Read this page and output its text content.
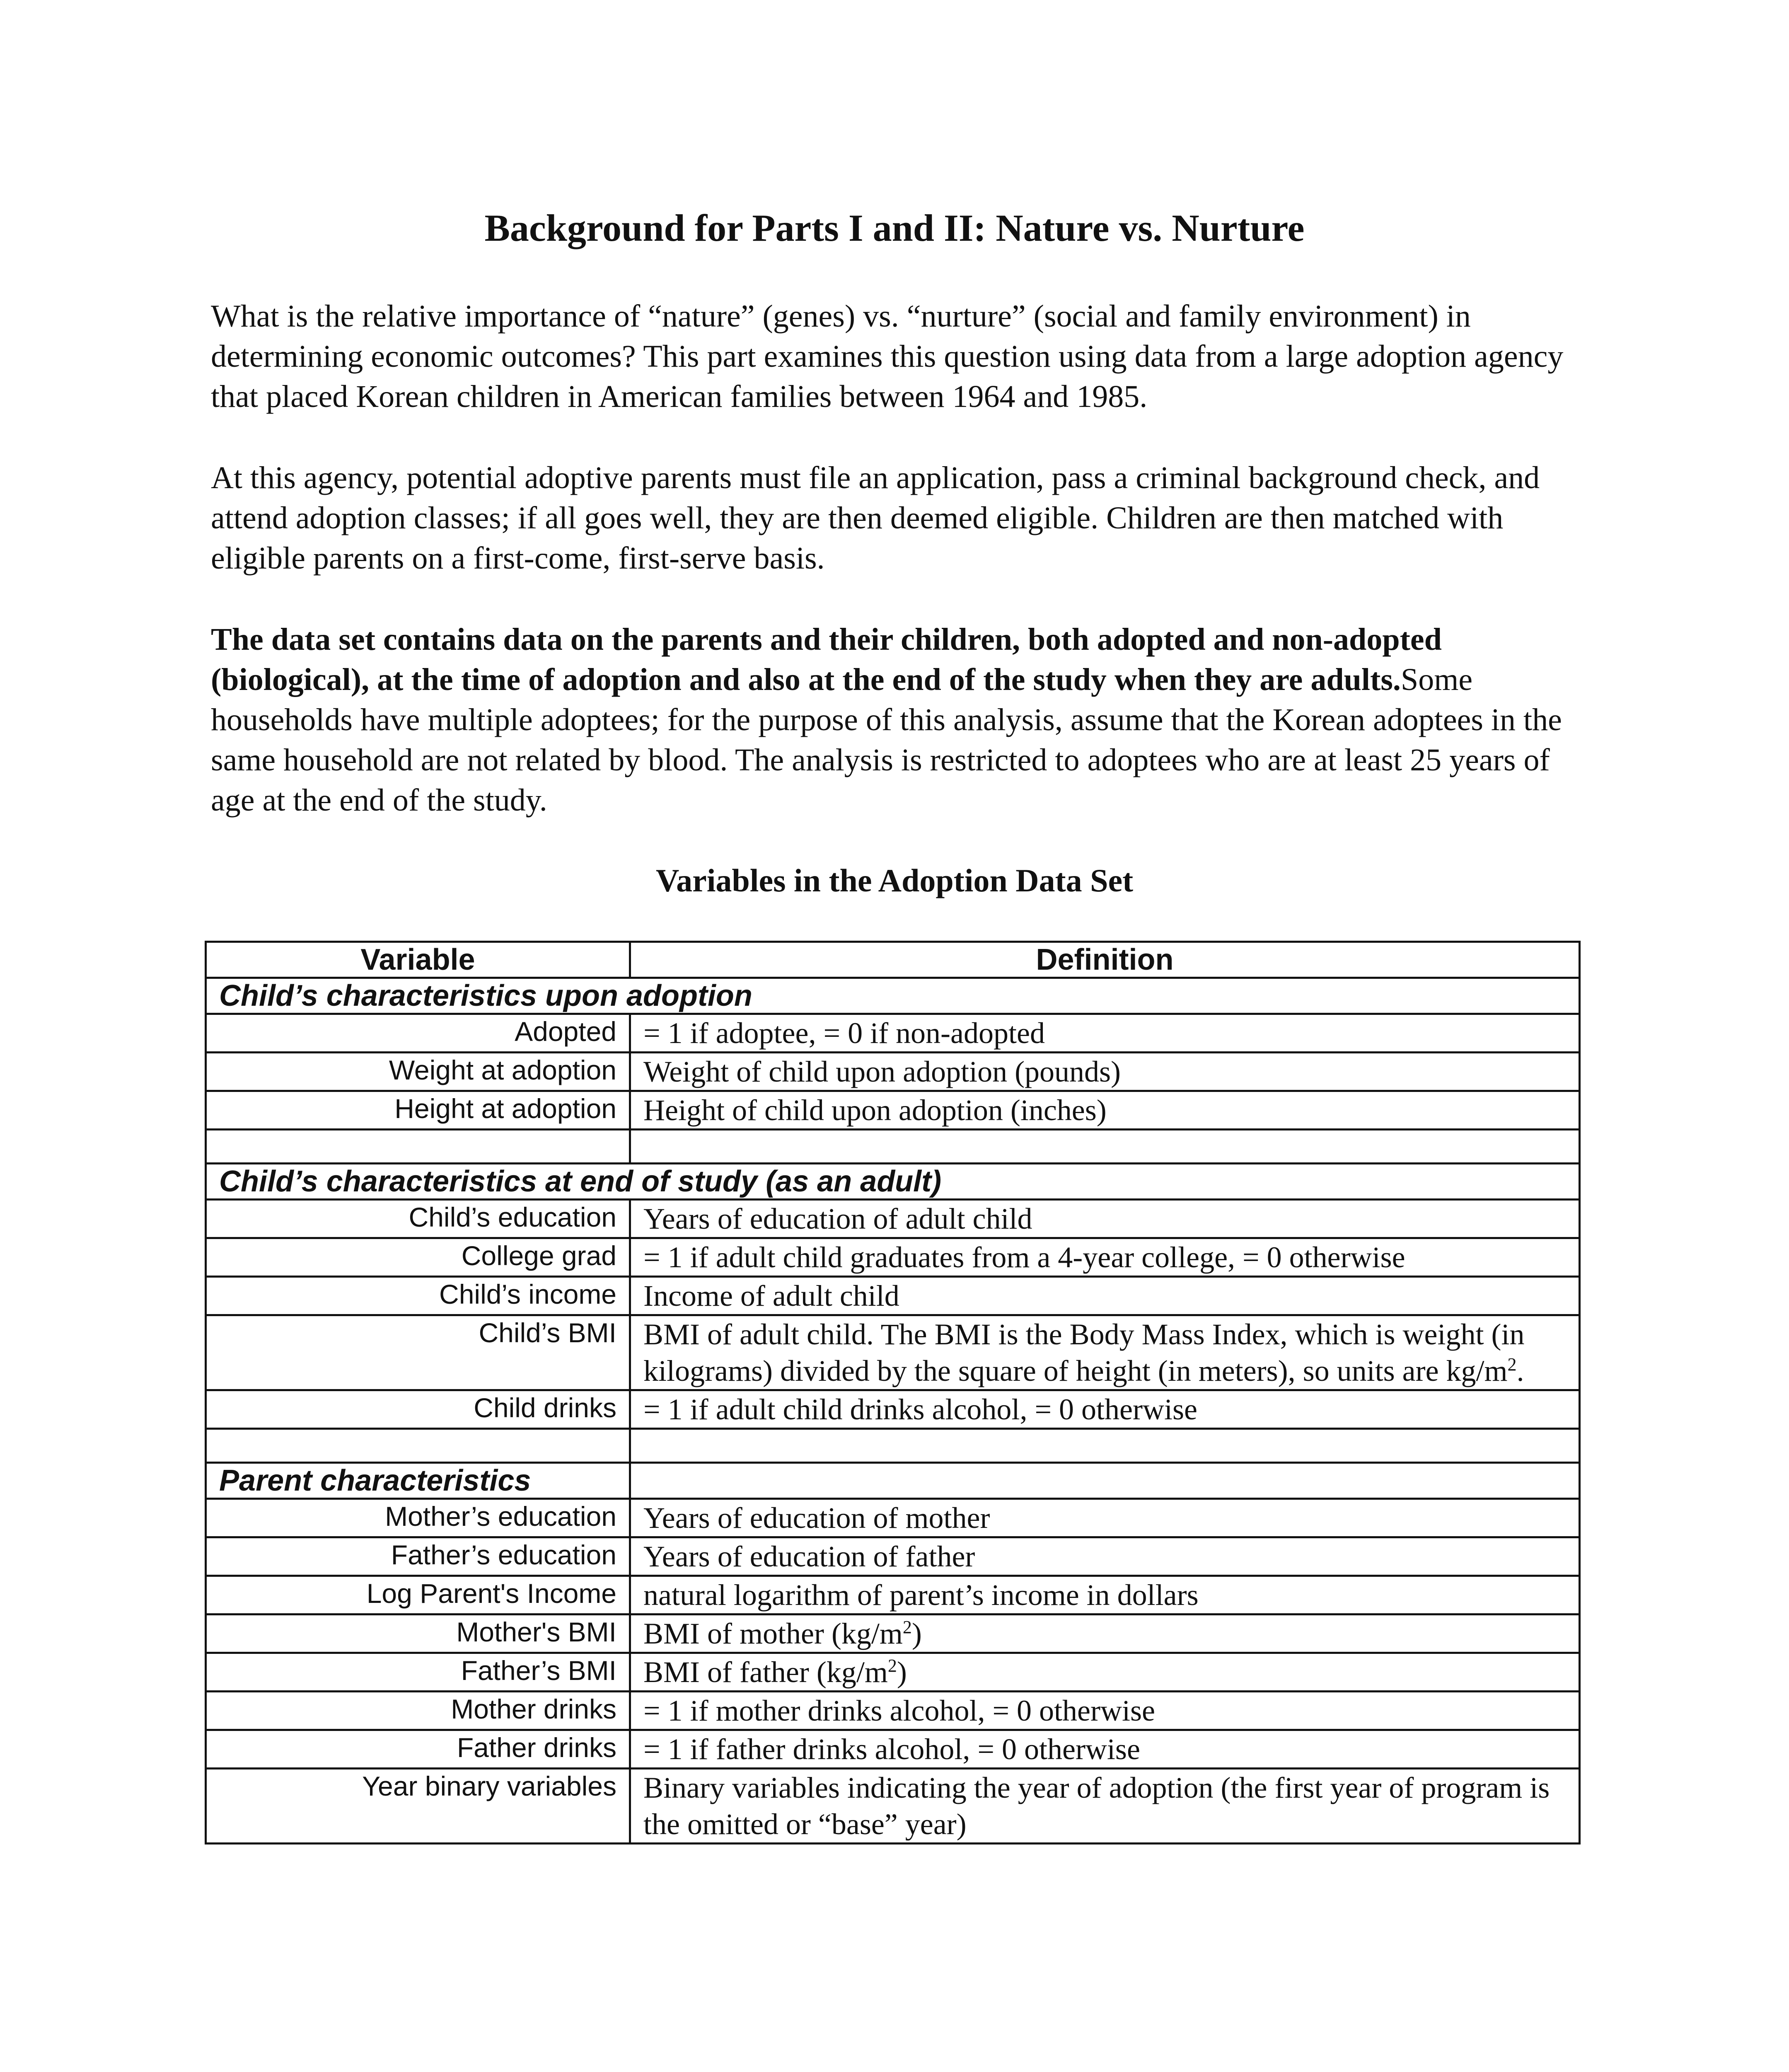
Background for Parts I and II: Nature vs. Nurture

What is the relative importance of “nature” (genes) vs. “nurture” (social and family environment) in determining economic outcomes? This part examines this question using data from a large adoption agency that placed Korean children in American families between 1964 and 1985.

At this agency, potential adoptive parents must file an application, pass a criminal background check, and attend adoption classes; if all goes well, they are then deemed eligible. Children are then matched with eligible parents on a first-come, first-serve basis.

The data set contains data on the parents and their children, both adopted and non-adopted (biological), at the time of adoption and also at the end of the study when they are adults.Some households have multiple adoptees; for the purpose of this analysis, assume that the Korean adoptees in the same household are not related by blood. The analysis is restricted to adoptees who are at least 25 years of age at the end of the study.

Variables in the Adoption Data Set
Variable	Definition
Child’s characteristics upon adoption	
Adopted	= 1 if adoptee, = 0 if non-adopted
Weight at adoption	Weight of child upon adoption (pounds)
Height at adoption	Height of child upon adoption (inches)

Child’s characteristics at end of study (as an adult)	
Child’s education	Years of education of adult child
College grad	= 1 if adult child graduates from a 4-year college, = 0 otherwise
Child’s income	Income of adult child
Child’s BMI	BMI of adult child. The BMI is the Body Mass Index, which is weight (in kilograms) divided by the square of height (in meters), so units are $kg/m^2$.
Child drinks	= 1 if adult child drinks alcohol, = 0 otherwise

Parent characteristics	
Mother’s education	Years of education of mother
Father’s education	Years of education of father
Log Parent's Income	natural logarithm of parent’s income in dollars
Mother's BMI	BMI of mother $(kg/m^2)$
Father’s BMI	BMI of father $(kg/m^2)$
Mother drinks	= 1 if mother drinks alcohol, = 0 otherwise
Father drinks	= 1 if father drinks alcohol, = 0 otherwise
Year binary variables	Binary variables indicating the year of adoption (the first year of program is the omitted or “base” year)
